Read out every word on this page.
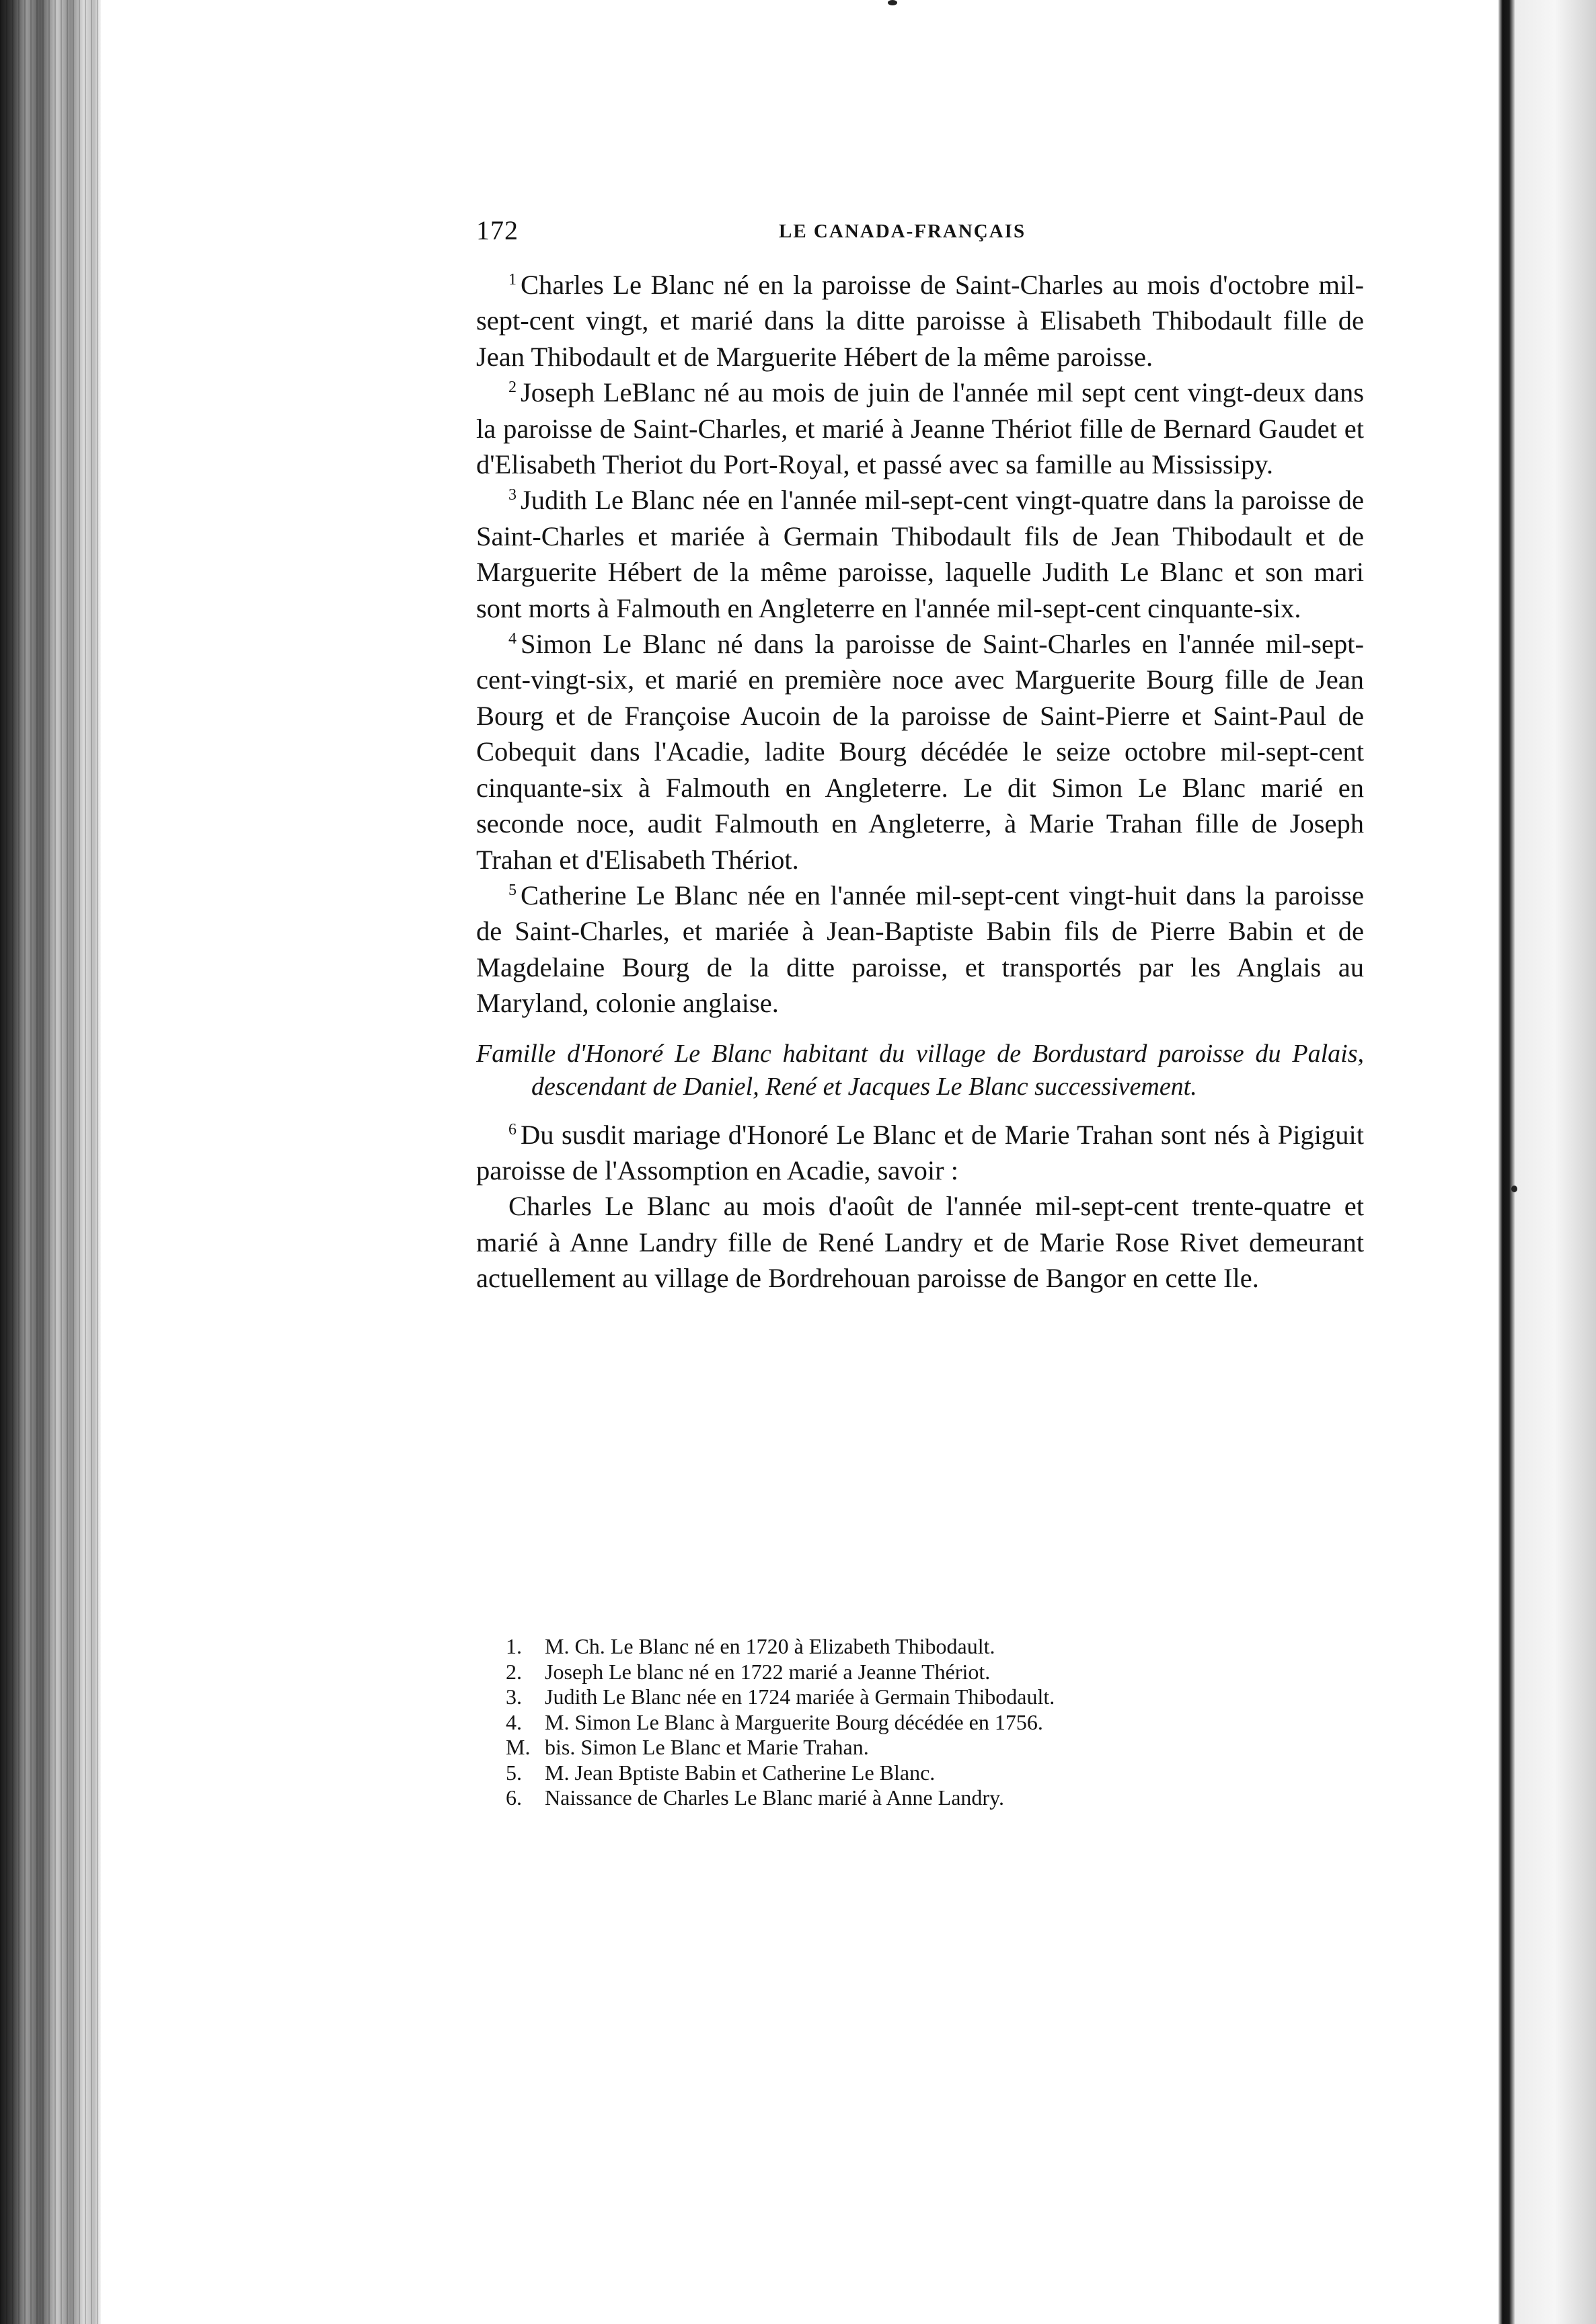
172	LE CANADA-FRANÇAIS

$^1$ Charles Le Blanc né en la paroisse de Saint-Charles au mois d'octobre mil-sept-cent vingt, et marié dans la ditte paroisse à Elisabeth Thibodault fille de Jean Thibodault et de Marguerite Hébert de la même paroisse.

$^2$ Joseph LeBlanc né au mois de juin de l'année mil sept cent vingt-deux dans la paroisse de Saint-Charles, et marié à Jeanne Thériot fille de Bernard Gaudet et d'Elisabeth Theriot du Port-Royal, et passé avec sa famille au Mississipy.

$^3$ Judith Le Blanc née en l'année mil-sept-cent vingt-quatre dans la paroisse de Saint-Charles et mariée à Germain Thibodault fils de Jean Thibodault et de Marguerite Hébert de la même paroisse, laquelle Judith Le Blanc et son mari sont morts à Falmouth en Angleterre en l'année mil-sept-cent cinquante-six.

$^4$ Simon Le Blanc né dans la paroisse de Saint-Charles en l'année mil-sept-cent-vingt-six, et marié en première noce avec Marguerite Bourg fille de Jean Bourg et de Françoise Aucoin de la paroisse de Saint-Pierre et Saint-Paul de Cobequit dans l'Acadie, ladite Bourg décédée le seize octobre mil-sept-cent cinquante-six à Falmouth en Angleterre. Le dit Simon Le Blanc marié en seconde noce, audit Falmouth en Angleterre, à Marie Trahan fille de Joseph Trahan et d'Elisabeth Thériot.

$^5$ Catherine Le Blanc née en l'année mil-sept-cent vingt-huit dans la paroisse de Saint-Charles, et mariée à Jean-Baptiste Babin fils de Pierre Babin et de Magdelaine Bourg de la ditte paroisse, et transportés par les Anglais au Maryland, colonie anglaise.

Famille d'Honoré Le Blanc habitant du village de Bordustard paroisse du Palais, descendant de Daniel, René et Jacques Le Blanc successivement.

$^6$ Du susdit mariage d'Honoré Le Blanc et de Marie Trahan sont nés à Pigiguit paroisse de l'Assomption en Acadie, savoir :

Charles Le Blanc au mois d'août de l'année mil-sept-cent trente-quatre et marié à Anne Landry fille de René Landry et de Marie Rose Rivet demeurant actuellement au village de Bordrehouan paroisse de Bangor en cette Ile.

1.	M. Ch. Le Blanc né en 1720 à Elizabeth Thibodault.
2.	Joseph Le blanc né en 1722 marié a Jeanne Thériot.
3.	Judith Le Blanc née en 1724 mariée à Germain Thibodault.
4.	M. Simon Le Blanc à Marguerite Bourg décédée en 1756.
M. bis. Simon Le Blanc et Marie Trahan.
5.	M. Jean Bptiste Babin et Catherine Le Blanc.
6.	Naissance de Charles Le Blanc marié à Anne Landry.
